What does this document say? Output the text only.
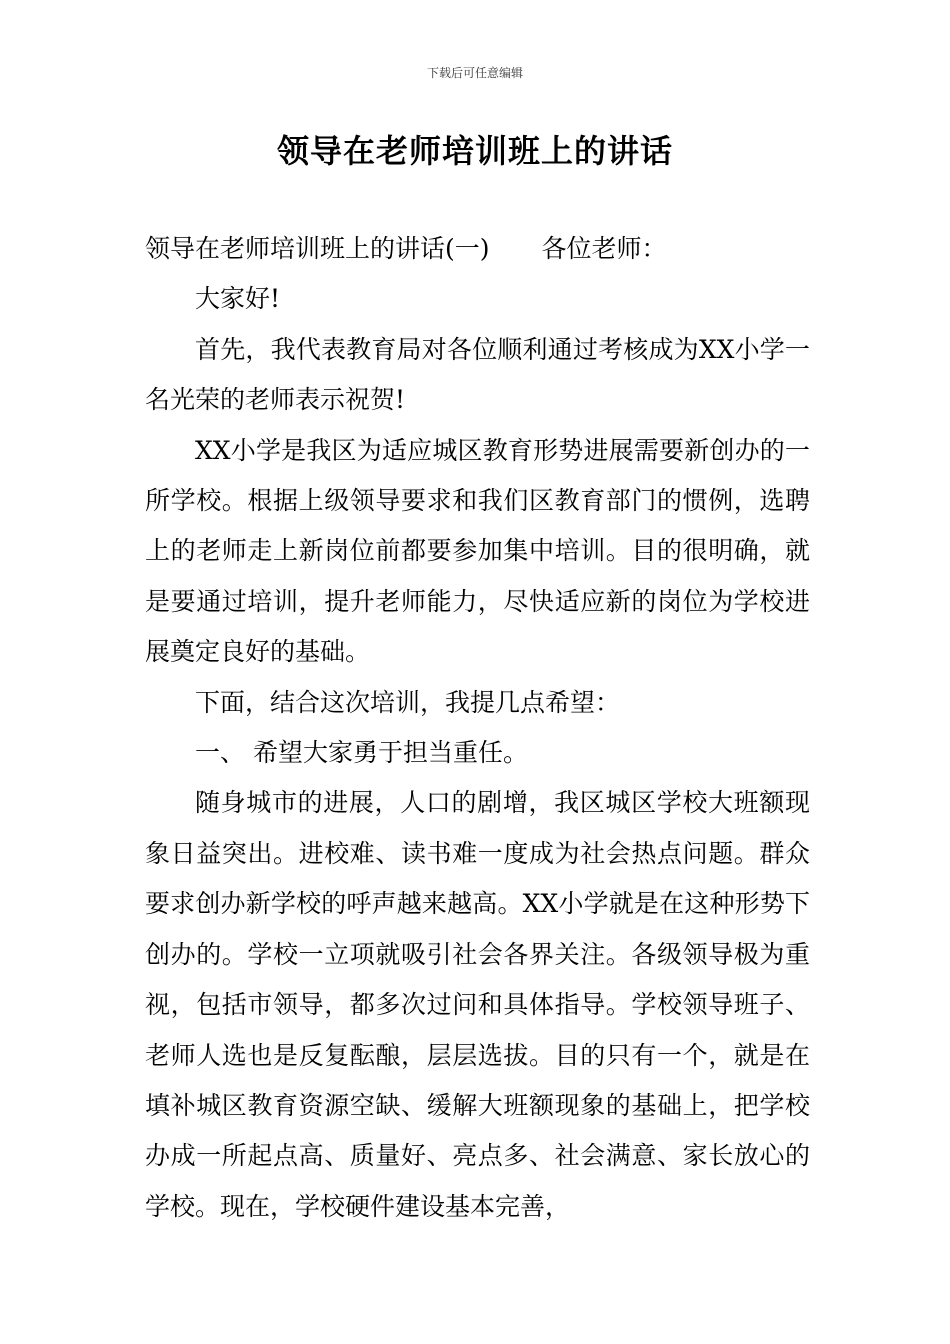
下载后可任意编辑
领导在老师培训班上的讲话

领导在老师培训班上的讲话(一) 各位老师：

大家好!

首先，我代表教育局对各位顺利通过考核成为XX小学一名光荣的老师表示祝贺!

XX小学是我区为适应城区教育形势进展需要新创办的一所学校。根据上级领导要求和我们区教育部门的惯例，选聘上的老师走上新岗位前都要参加集中培训。目的很明确，就是要通过培训，提升老师能力，尽快适应新的岗位为学校进展奠定良好的基础。

下面，结合这次培训，我提几点希望：

一、 希望大家勇于担当重任。

随身城市的进展，人口的剧增，我区城区学校大班额现象日益突出。进校难、读书难一度成为社会热点问题。群众要求创办新学校的呼声越来越高。XX小学就是在这种形势下创办的。学校一立项就吸引社会各界关注。各级领导极为重视，包括市领导，都多次过问和具体指导。学校领导班子、老师人选也是反复酝酿，层层选拔。目的只有一个，就是在填补城区教育资源空缺、缓解大班额现象的基础上，把学校办成一所起点高、质量好、亮点多、社会满意、家长放心的学校。现在，学校硬件建设基本完善，
